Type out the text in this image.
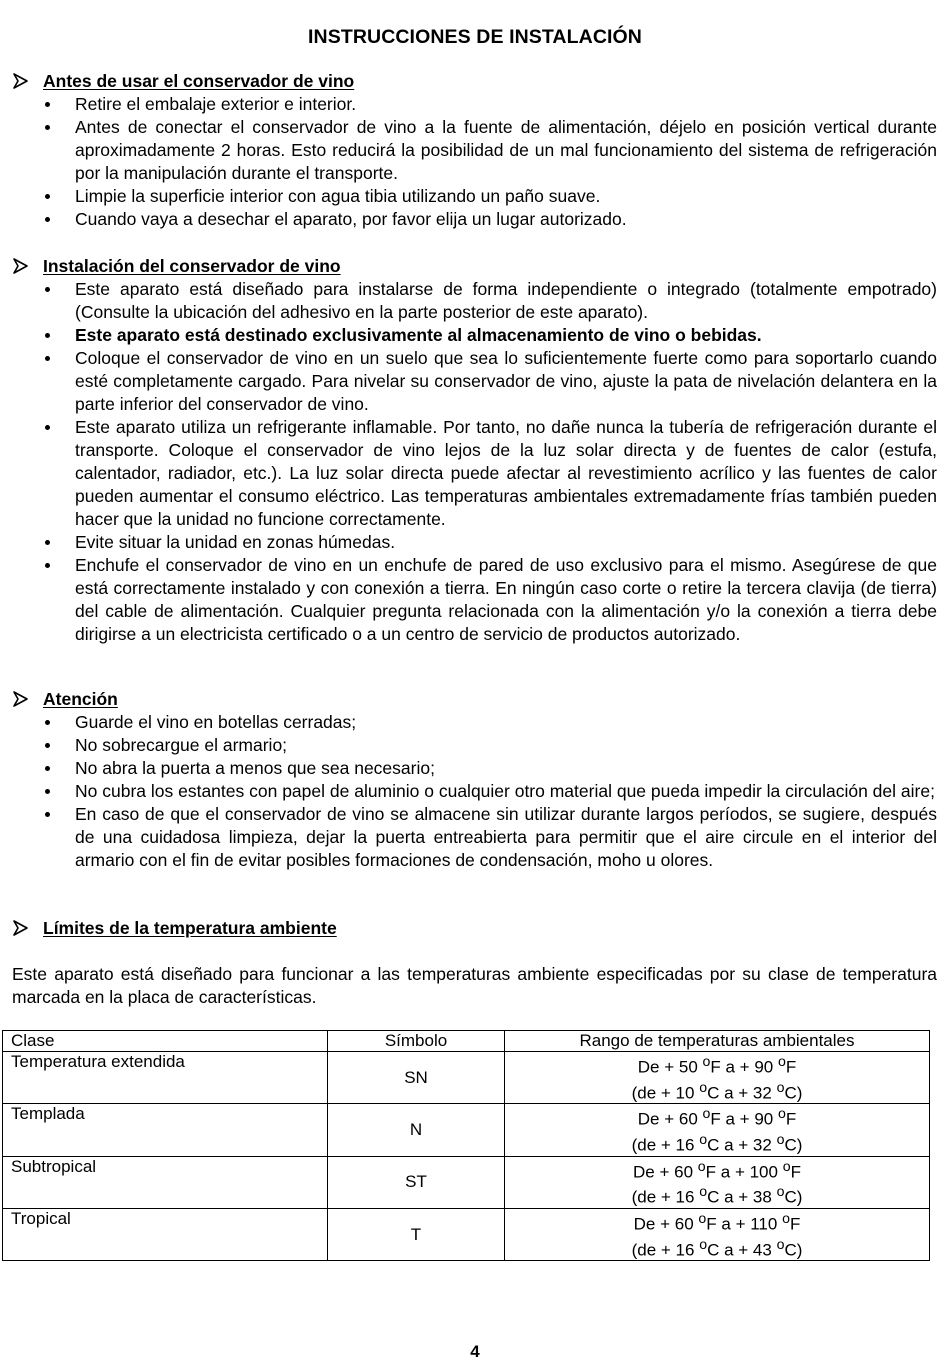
INSTRUCCIONES DE INSTALACIÓN
Antes de usar el conservador de vino
Retire el embalaje exterior e interior.
Antes de conectar el conservador de vino a la fuente de alimentación, déjelo en posición vertical durante aproximadamente 2 horas. Esto reducirá la posibilidad de un mal funcionamiento del sistema de refrigeración por la manipulación durante el transporte.
Limpie la superficie interior con agua tibia utilizando un paño suave.
Cuando vaya a desechar el aparato, por favor elija un lugar autorizado.
Instalación del conservador de vino
Este aparato está diseñado para instalarse de forma independiente o integrado (totalmente empotrado) (Consulte la ubicación del adhesivo en la parte posterior de este aparato).
Este aparato está destinado exclusivamente al almacenamiento de vino o bebidas.
Coloque el conservador de vino en un suelo que sea lo suficientemente fuerte como para soportarlo cuando esté completamente cargado. Para nivelar su conservador de vino, ajuste la pata de nivelación delantera en la parte inferior del conservador de vino.
Este aparato utiliza un refrigerante inflamable. Por tanto, no dañe nunca la tubería de refrigeración durante el transporte. Coloque el conservador de vino lejos de la luz solar directa y de fuentes de calor (estufa, calentador, radiador, etc.). La luz solar directa puede afectar al revestimiento acrílico y las fuentes de calor pueden aumentar el consumo eléctrico. Las temperaturas ambientales extremadamente frías también pueden hacer que la unidad no funcione correctamente.
Evite situar la unidad en zonas húmedas.
Enchufe el conservador de vino en un enchufe de pared de uso exclusivo para el mismo. Asegúrese de que está correctamente instalado y con conexión a tierra. En ningún caso corte o retire la tercera clavija (de tierra) del cable de alimentación. Cualquier pregunta relacionada con la alimentación y/o la conexión a tierra debe dirigirse a un electricista certificado o a un centro de servicio de productos autorizado.
Atención
Guarde el vino en botellas cerradas;
No sobrecargue el armario;
No abra la puerta a menos que sea necesario;
No cubra los estantes con papel de aluminio o cualquier otro material que pueda impedir la circulación del aire;
En caso de que el conservador de vino se almacene sin utilizar durante largos períodos, se sugiere, después de una cuidadosa limpieza, dejar la puerta entreabierta para permitir que el aire circule en el interior del armario con el fin de evitar posibles formaciones de condensación, moho u olores.
Límites de la temperatura ambiente
Este aparato está diseñado para funcionar a las temperaturas ambiente especificadas por su clase de temperatura marcada en la placa de características.
Clase	Símbolo	Rango de temperaturas ambientales
Temperatura extendida	SN	De + 50 $^o$F a + 90 $^o$F
(de + 10 $^o$C a + 32 $^o$C)
Templada	N	De + 60 $^o$F a + 90 $^o$F
(de + 16 $^o$C a + 32 $^o$C)
Subtropical	ST	De + 60 $^o$F a + 100 $^o$F
(de + 16 $^o$C a + 38 $^o$C)
Tropical	T	De + 60 $^o$F a + 110 $^o$F
(de + 16 $^o$C a + 43 $^o$C)
4
